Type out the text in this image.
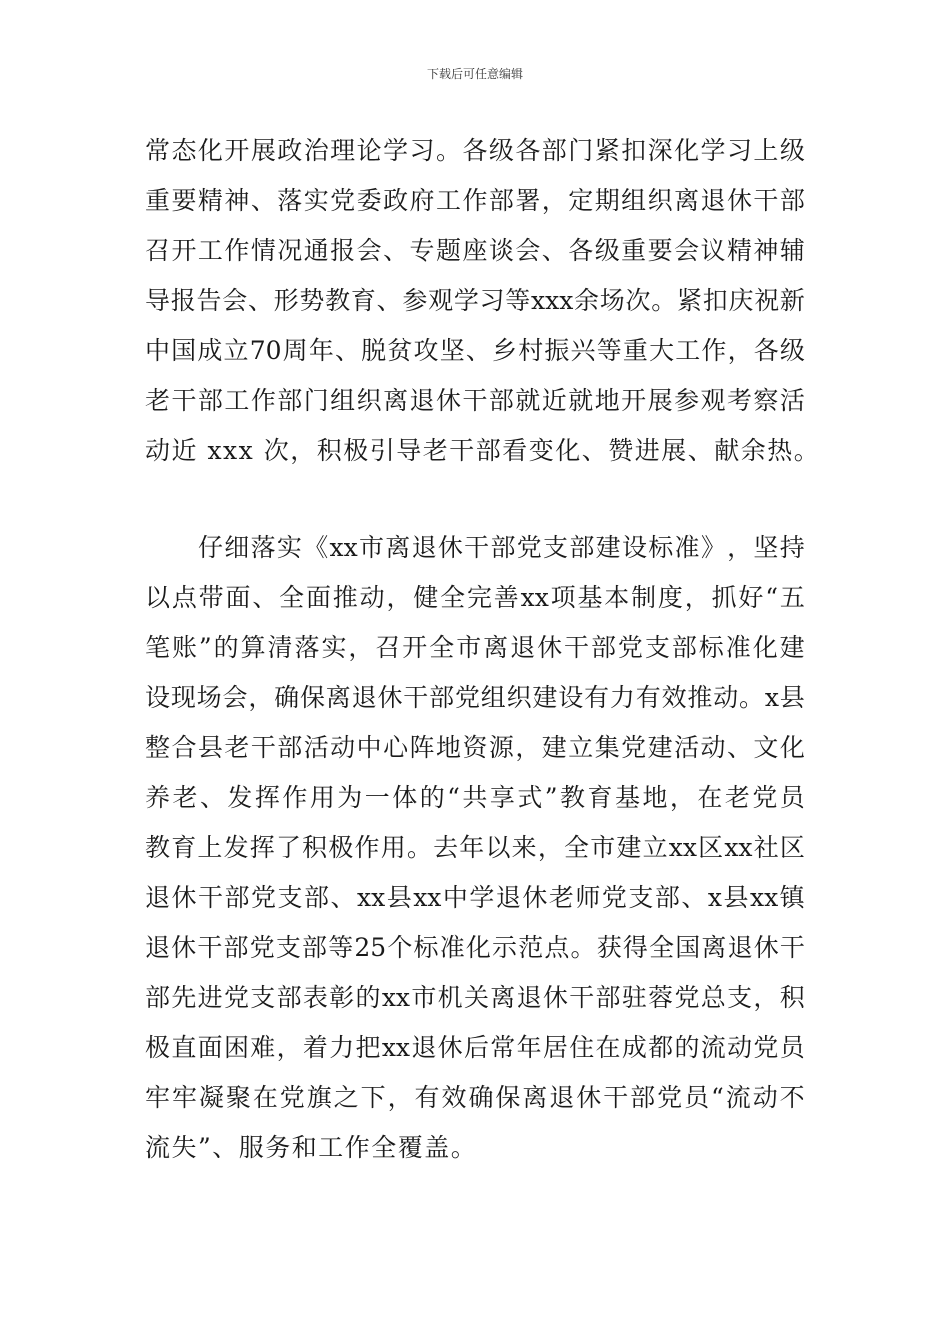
下载后可任意编辑
常 态 化 开 展 政 治 理 论 学 习 。 各 级 各 部 门 紧 扣 深 化 学 习 上 级
重 要 精 神 、 落 实 党 委 政 府 工 作 部 署 ， 定 期 组 织 离 退 休 干 部
召 开 工 作 情 况 通 报 会 、 专 题 座 谈 会 、 各 级 重 要 会 议 精 神 辅
导 报 告 会 、 形 势 教 育 、 参 观 学 习 等 xxx 余 场 次 。 紧 扣 庆 祝 新
中 国 成 立 70 周 年 、 脱 贫 攻 坚 、 乡 村 振 兴 等 重 大 工 作 ， 各 级
老 干 部 工 作 部 门 组 织 离 退 休 干 部 就 近 就 地 开 展 参 观 考 察 活
动近 xxx 次，积极引导老干部看变化、赞进展、献余热。
仔 细 落 实 《 xx 市 离 退 休 干 部 党 支 部 建 设 标 准 》 ， 坚 持
以 点 带 面 、 全 面 推 动 ， 健 全 完 善 xx 项 基 本 制 度 ， 抓 好 “ 五
笔 账 ” 的 算 清 落 实 ， 召 开 全 市 离 退 休 干 部 党 支 部 标 准 化 建
设 现 场 会 ， 确 保 离 退 休 干 部 党 组 织 建 设 有 力 有 效 推 动 。 x 县
整 合 县 老 干 部 活 动 中 心 阵 地 资 源 ， 建 立 集 党 建 活 动 、 文 化
养 老 、 发 挥 作 用 为 一 体 的 “ 共 享 式 ” 教 育 基 地 ， 在 老 党 员
教 育 上 发 挥 了 积 极 作 用 。 去 年 以 来 ， 全 市 建 立 xx 区 xx 社 区
退 休 干 部 党 支 部 、 xx 县 xx 中 学 退 休 老 师 党 支 部 、 x 县 xx 镇
退 休 干 部 党 支 部 等 25 个 标 准 化 示 范 点 。 获 得 全 国 离 退 休 干
部 先 进 党 支 部 表 彰 的 xx 市 机 关 离 退 休 干 部 驻 蓉 党 总 支 ， 积
极 直 面 困 难 ， 着 力 把 xx 退 休 后 常 年 居 住 在 成 都 的 流 动 党 员
牢 牢 凝 聚 在 党 旗 之 下 ， 有 效 确 保 离 退 休 干 部 党 员 “ 流 动 不
流失”、服务和工作全覆盖。
